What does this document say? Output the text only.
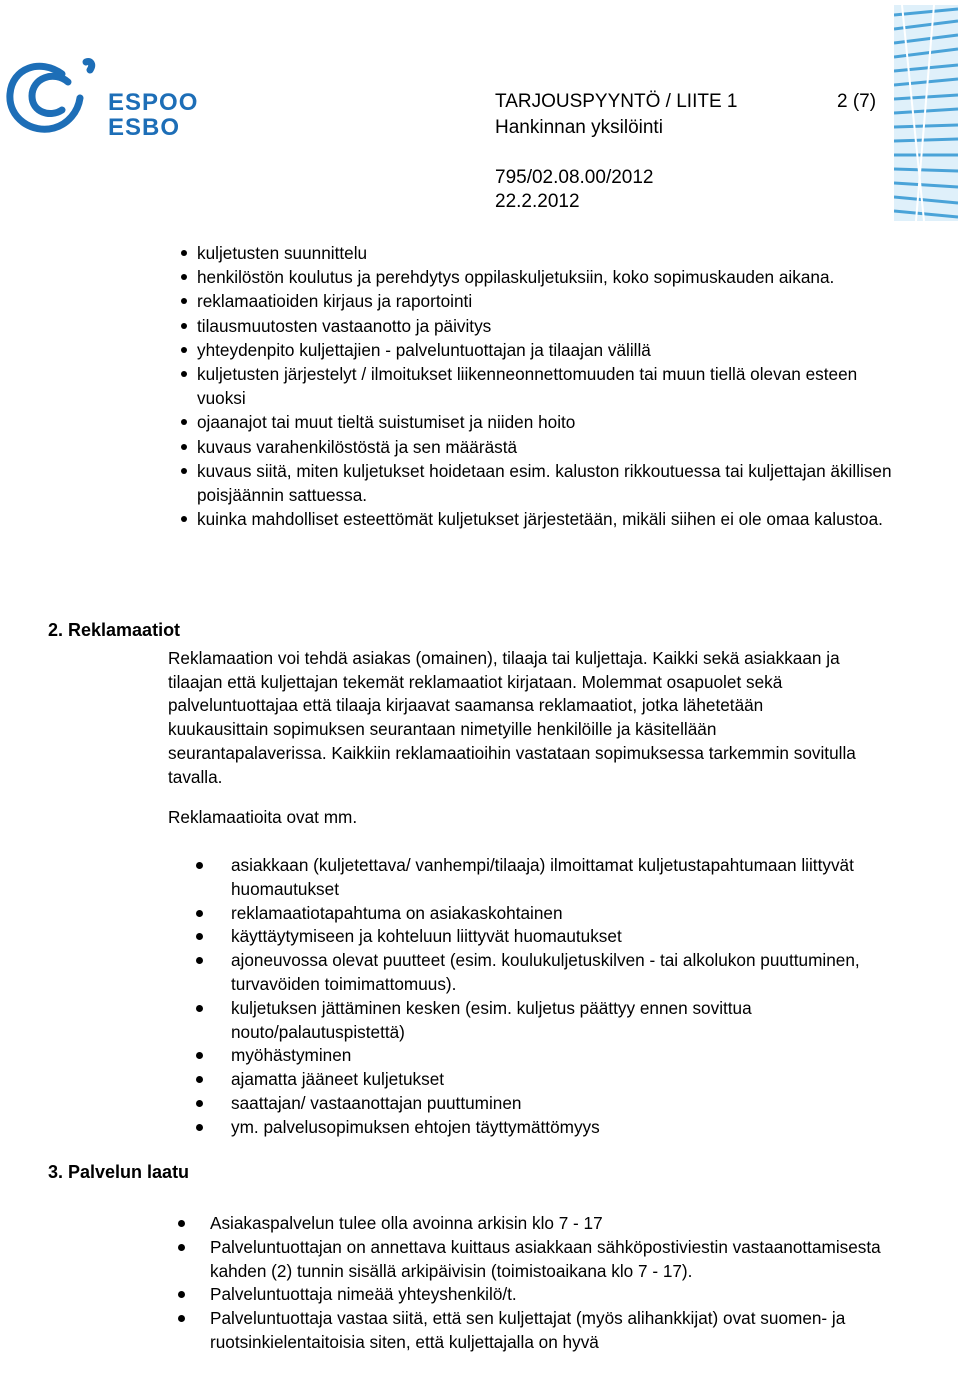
ESPOO
ESBO
TARJOUSPYYNTÖ / LIITE 1	2 (7)
Hankinnan yksilöinti
795/02.08.00/2012
22.2.2012
kuljetusten suunnittelu
henkilöstön koulutus ja perehdytys oppilaskuljetuksiin, koko sopimuskauden aikana.
reklamaatioiden kirjaus ja raportointi
tilausmuutosten vastaanotto ja päivitys
yhteydenpito kuljettajien - palveluntuottajan ja tilaajan välillä
kuljetusten järjestelyt / ilmoitukset liikenneonnettomuuden tai muun tiellä olevan esteen vuoksi
ojaanajot tai muut tieltä suistumiset ja niiden hoito
kuvaus varahenkilöstöstä ja sen määrästä
kuvaus siitä, miten kuljetukset hoidetaan esim. kaluston rikkoutuessa tai kuljettajan äkillisen poisjäännin sattuessa.
kuinka mahdolliset esteettömät kuljetukset järjestetään, mikäli siihen ei ole omaa kalustoa.
2. Reklamaatiot
Reklamaation voi tehdä asiakas (omainen), tilaaja tai kuljettaja. Kaikki sekä asiakkaan ja tilaajan että kuljettajan tekemät reklamaatiot kirjataan. Molemmat osapuolet sekä palveluntuottajaa että tilaaja kirjaavat saamansa reklamaatiot, jotka lähetetään kuukausittain sopimuksen seurantaan nimetyille henkilöille ja käsitellään seurantapalaverissa. Kaikkiin reklamaatioihin vastataan sopimuksessa tarkemmin sovitulla tavalla.
Reklamaatioita ovat mm.
asiakkaan (kuljetettava/ vanhempi/tilaaja) ilmoittamat kuljetustapahtumaan liittyvät huomautukset
reklamaatiotapahtuma on asiakaskohtainen
käyttäytymiseen ja kohteluun liittyvät huomautukset
ajoneuvossa olevat puutteet (esim. koulukuljetuskilven - tai alkolukon puuttuminen, turvavöiden toimimattomuus).
kuljetuksen jättäminen kesken (esim. kuljetus päättyy ennen sovittua nouto/palautuspistettä)
myöhästyminen
ajamatta jääneet kuljetukset
saattajan/ vastaanottajan puuttuminen
ym. palvelusopimuksen ehtojen täyttymättömyys
3. Palvelun laatu
Asiakaspalvelun tulee olla avoinna arkisin klo 7 - 17
Palveluntuottajan on annettava kuittaus asiakkaan sähköpostiviestin vastaanottamisesta kahden (2) tunnin sisällä arkipäivisin (toimistoaikana klo 7 - 17).
Palveluntuottaja nimeää yhteyshenkilö/t.
Palveluntuottaja vastaa siitä, että sen kuljettajat (myös alihankkijat) ovat suomen- ja ruotsinkielentaitoisia siten, että kuljettajalla on hyvä
